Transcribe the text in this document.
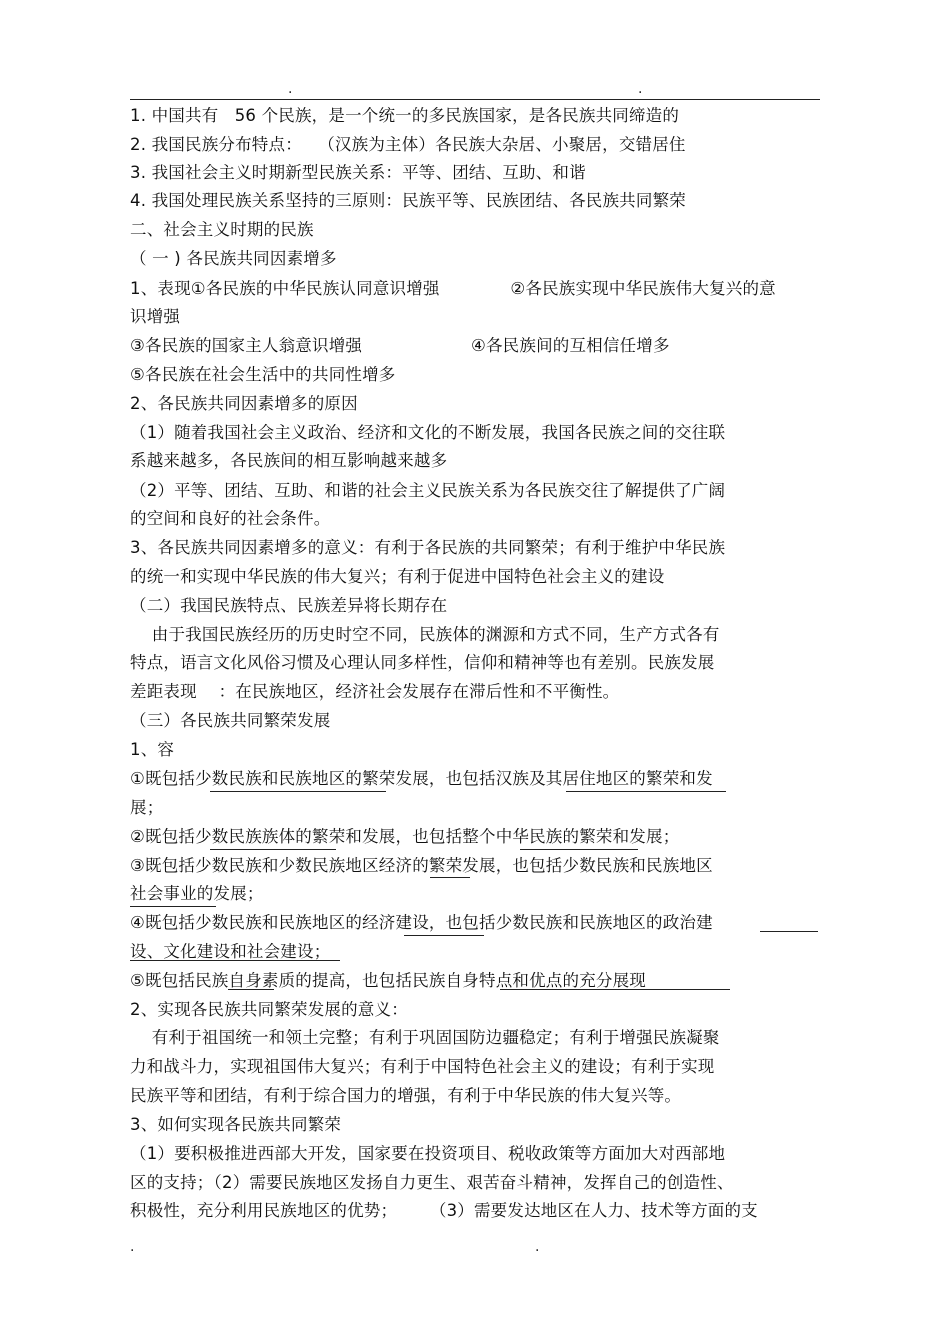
.	.
1. 中国共有   56 个民族，是一个统一的多民族国家，是各民族共同缔造的
2. 我国民族分布特点：   （汉族为主体）各民族大杂居、小聚居，交错居住
3. 我国社会主义时期新型民族关系：平等、团结、互助、和谐
4. 我国处理民族关系坚持的三原则：民族平等、民族团结、各民族共同繁荣
二、社会主义时期的民族
（ 一 ) 各民族共同因素增多
1、表现①各民族的中华民族认同意识增强             ②各民族实现中华民族伟大复兴的意
识增强
③各民族的国家主人翁意识增强                    ④各民族间的互相信任增多
⑤各民族在社会生活中的共同性增多
2、各民族共同因素增多的原因
（1）随着我国社会主义政治、经济和文化的不断发展，我国各民族之间的交往联
系越来越多，各民族间的相互影响越来越多
（2）平等、团结、互助、和谐的社会主义民族关系为各民族交往了解提供了广阔
的空间和良好的社会条件。
3、各民族共同因素增多的意义：有利于各民族的共同繁荣；有利于维护中华民族
的统一和实现中华民族的伟大复兴；有利于促进中国特色社会主义的建设
（二）我国民族特点、民族差异将长期存在
由于我国民族经历的历史时空不同，民族体的渊源和方式不同，生产方式各有
特点，语言文化风俗习惯及心理认同多样性，信仰和精神等也有差别。民族发展
差距表现    ：在民族地区，经济社会发展存在滞后性和不平衡性。
（三）各民族共同繁荣发展
1、容
①既包括少数民族和民族地区的繁荣发展，也包括汉族及其居住地区的繁荣和发
展；
②既包括少数民族族体的繁荣和发展，也包括整个中华民族的繁荣和发展；
③既包括少数民族和少数民族地区经济的繁荣发展，也包括少数民族和民族地区
社会事业的发展；
④既包括少数民族和民族地区的经济建设，也包括少数民族和民族地区的政治建
设、文化建设和社会建设；
⑤既包括民族自身素质的提高，也包括民族自身特点和优点的充分展现
2、实现各民族共同繁荣发展的意义：
有利于祖国统一和领土完整；有利于巩固国防边疆稳定；有利于增强民族凝聚
力和战斗力，实现祖国伟大复兴；有利于中国特色社会主义的建设；有利于实现
民族平等和团结，有利于综合国力的增强，有利于中华民族的伟大复兴等。
3、如何实现各民族共同繁荣
（1）要积极推进西部大开发，国家要在投资项目、税收政策等方面加大对西部地
区的支持；（2）需要民族地区发扬自力更生、艰苦奋斗精神，发挥自己的创造性、
积极性，充分利用民族地区的优势；      （3）需要发达地区在人力、技术等方面的支
.	.
